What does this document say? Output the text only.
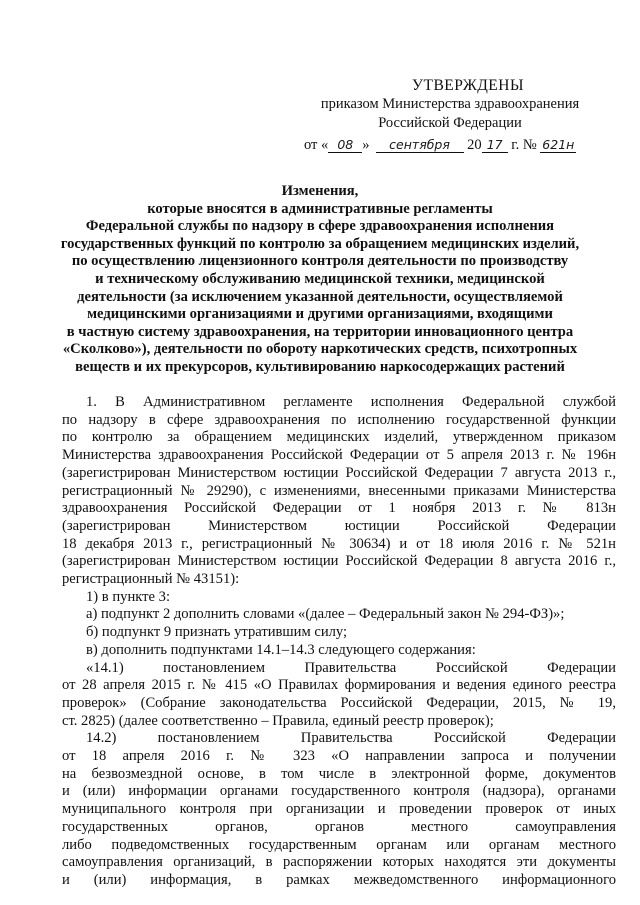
УТВЕРЖДЕНЫ
приказом Министерства здравоохранения
Российской Федерации
от « 08 » сентября 20 17 г. № 621н
Изменения,
которые вносятся в административные регламенты
Федеральной службы по надзору в сфере здравоохранения исполнения
государственных функций по контролю за обращением медицинских изделий,
по осуществлению лицензионного контроля деятельности по производству
и техническому обслуживанию медицинской техники, медицинской
деятельности (за исключением указанной деятельности, осуществляемой
медицинскими организациями и другими организациями, входящими
в частную систему здравоохранения, на территории инновационного центра
«Сколково»), деятельности по обороту наркотических средств, психотропных
веществ и их прекурсоров, культивированию наркосодержащих растений
1. В Административном регламенте исполнения Федеральной службой
по надзору в сфере здравоохранения по исполнению государственной функции
по контролю за обращением медицинских изделий, утвержденном приказом
Министерства здравоохранения Российской Федерации от 5 апреля 2013 г. № 196н
(зарегистрирован Министерством юстиции Российской Федерации 7 августа 2013 г.,
регистрационный № 29290), с изменениями, внесенными приказами Министерства
здравоохранения Российской Федерации от 1 ноября 2013 г. № 813н
(зарегистрирован Министерством юстиции Российской Федерации
18 декабря 2013 г., регистрационный № 30634) и от 18 июля 2016 г. № 521н
(зарегистрирован Министерством юстиции Российской Федерации 8 августа 2016 г.,
регистрационный № 43151):
1) в пункте 3:
а) подпункт 2 дополнить словами «(далее – Федеральный закон № 294-ФЗ)»;
б) подпункт 9 признать утратившим силу;
в) дополнить подпунктами 14.1–14.3 следующего содержания:
«14.1) постановлением Правительства Российской Федерации
от 28 апреля 2015 г. № 415 «О Правилах формирования и ведения единого реестра
проверок» (Собрание законодательства Российской Федерации, 2015, № 19,
ст. 2825) (далее соответственно – Правила, единый реестр проверок);
14.2) постановлением Правительства Российской Федерации
от 18 апреля 2016 г. № 323 «О направлении запроса и получении
на безвозмездной основе, в том числе в электронной форме, документов
и (или) информации органами государственного контроля (надзора), органами
муниципального контроля при организации и проведении проверок от иных
государственных органов, органов местного самоуправления
либо подведомственных государственным органам или органам местного
самоуправления организаций, в распоряжении которых находятся эти документы
и (или) информация, в рамках межведомственного информационного
